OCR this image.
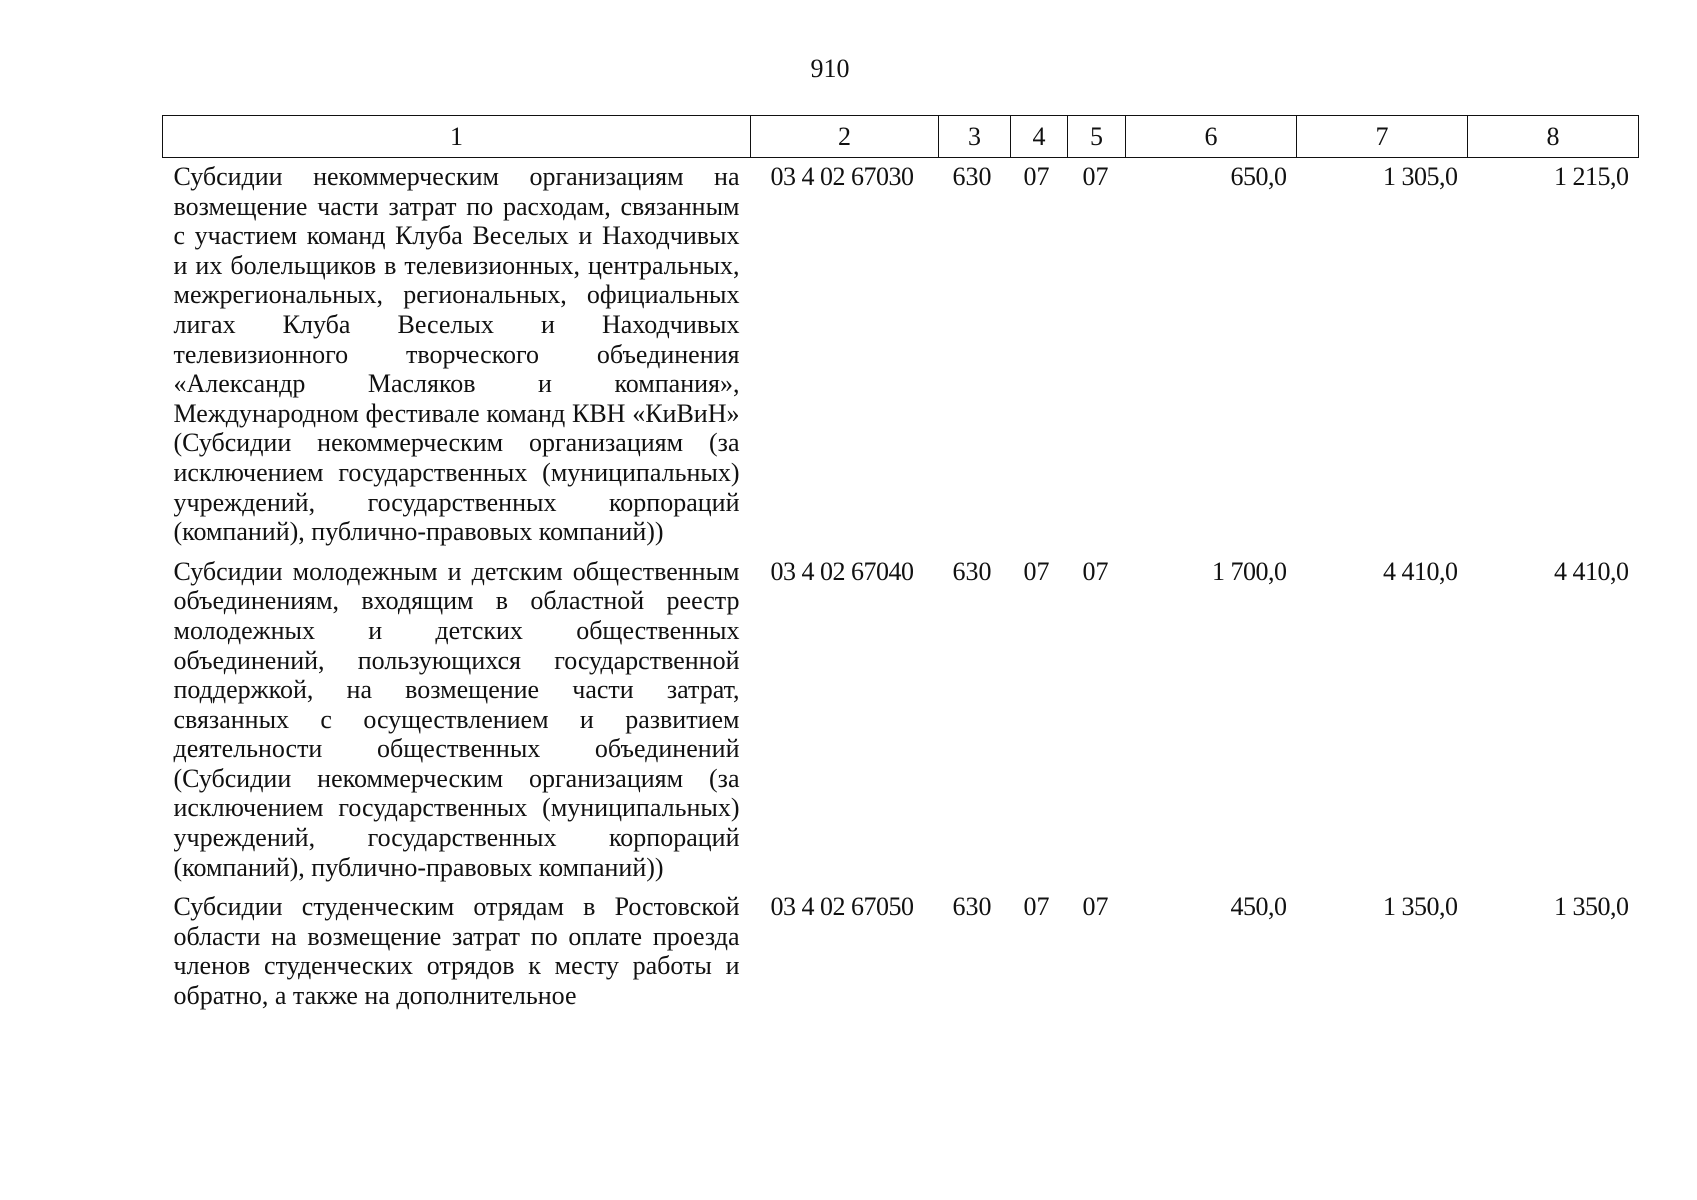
910
1	2	3	4	5	6	7	8
Субсидии некоммерческим организациям на возмещение части затрат по расходам, связанным с участием команд Клуба Веселых и Находчивых и их болельщиков в телевизионных, центральных, межрегиональных, региональных, официальных лигах Клуба Веселых и Находчивых телевизионного творческого объединения «Александр Масляков и компания», Международном фестивале команд КВН «КиВиН» (Субсидии некоммерческим организациям (за исключением государственных (муниципальных) учреждений, государственных корпораций (компаний), публично-правовых компаний))	03 4 02 67030	630	07	07	650,0	1 305,0	1 215,0
Субсидии молодежным и детским общественным объединениям, входящим в областной реестр молодежных и детских общественных объединений, пользующихся государственной поддержкой, на возмещение части затрат, связанных с осуществлением и развитием деятельности общественных объединений (Субсидии некоммерческим организациям (за исключением государственных (муниципальных) учреждений, государственных корпораций (компаний), публично-правовых компаний))	03 4 02 67040	630	07	07	1 700,0	4 410,0	4 410,0
Субсидии студенческим отрядам в Ростовской области на возмещение затрат по оплате проезда членов студенческих отрядов к месту работы и обратно, а также на дополнительное	03 4 02 67050	630	07	07	450,0	1 350,0	1 350,0
